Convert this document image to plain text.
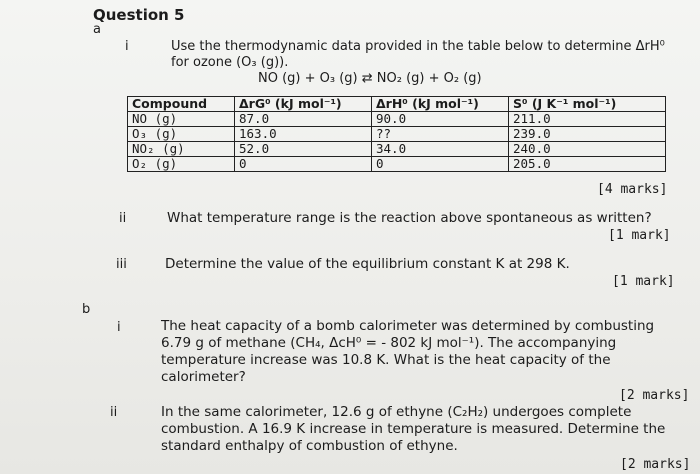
Question 5
a
i	Use the thermodynamic data provided in the table below to determine ΔrH⁰
for ozone (O₃ (g)).
NO (g) + O₃ (g) ⇄ NO₂ (g) + O₂ (g)
Compound	ΔrG⁰ (kJ mol⁻¹)	ΔrH⁰ (kJ mol⁻¹)	S⁰ (J K⁻¹ mol⁻¹)
NO (g)	87.0	90.0	211.0
O₃ (g)	163.0	??	239.0
NO₂ (g)	52.0	34.0	240.0
O₂ (g)	0	0	205.0
[4 marks]
ii	What temperature range is the reaction above spontaneous as written?
[1 mark]
iii	Determine the value of the equilibrium constant K at 298 K.
[1 mark]
b
i	The heat capacity of a bomb calorimeter was determined by combusting
6.79 g of methane (CH₄, ΔcH⁰ = - 802 kJ mol⁻¹). The accompanying
temperature increase was 10.8 K. What is the heat capacity of the
calorimeter?
[2 marks]
ii	In the same calorimeter, 12.6 g of ethyne (C₂H₂) undergoes complete
combustion. A 16.9 K increase in temperature is measured. Determine the
standard enthalpy of combustion of ethyne.
[2 marks]
